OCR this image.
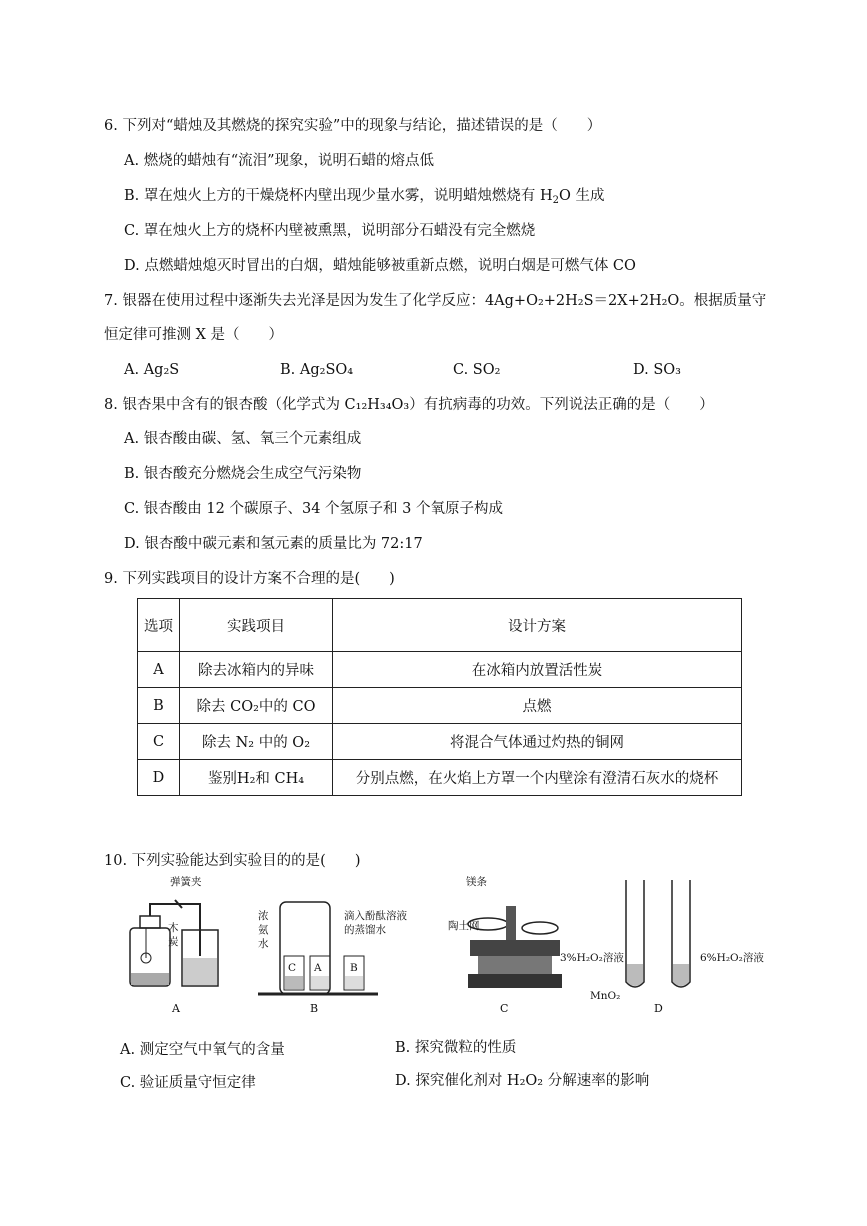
6. 下列对“蜡烛及其燃烧的探究实验”中的现象与结论，描述错误的是（　　）
A. 燃烧的蜡烛有“流泪”现象，说明石蜡的熔点低
B. 罩在烛火上方的干燥烧杯内壁出现少量水雾，说明蜡烛燃烧有 $H_2O$ 生成
C. 罩在烛火上方的烧杯内壁被熏黑，说明部分石蜡没有完全燃烧
D. 点燃蜡烛熄灭时冒出的白烟，蜡烛能够被重新点燃，说明白烟是可燃气体 CO
7. 银器在使用过程中逐渐失去光泽是因为发生了化学反应：4Ag+O₂+2H₂S＝2X+2H₂O。根据质量守
恒定律可推测 X 是（　　）
A. Ag₂S	B. Ag₂SO₄	C. SO₂	D. SO₃
8. 银杏果中含有的银杏酸（化学式为 C₁₂H₃₄O₃）有抗病毒的功效。下列说法正确的是（　　）
A. 银杏酸由碳、氢、氧三个元素组成
B. 银杏酸充分燃烧会生成空气污染物
C. 银杏酸由 12 个碳原子、34 个氢原子和 3 个氧原子构成
D. 银杏酸中碳元素和氢元素的质量比为 72:17
9. 下列实践项目的设计方案不合理的是(　　)
选项	实践项目	设计方案
A	除去冰箱内的异味	在冰箱内放置活性炭
B	除去 CO₂中的 CO	点燃
C	除去 N₂ 中的 O₂	将混合气体通过灼热的铜网
D	鉴别H₂和 CH₄	分别点燃，在火焰上方罩一个内壁涂有澄清石灰水的烧杯
10. 下列实验能达到实验目的的是(　　)
弹簧夹
木
炭
A
浓
氨
水
滴入酚酞溶液
的蒸馏水
C A	B
B
镁条
陶土网
C
3%H₂O₂溶液	6%H₂O₂溶液
MnO₂
D
A. 测定空气中氧气的含量	B. 探究微粒的性质
C. 验证质量守恒定律	D. 探究催化剂对 H₂O₂ 分解速率的影响
